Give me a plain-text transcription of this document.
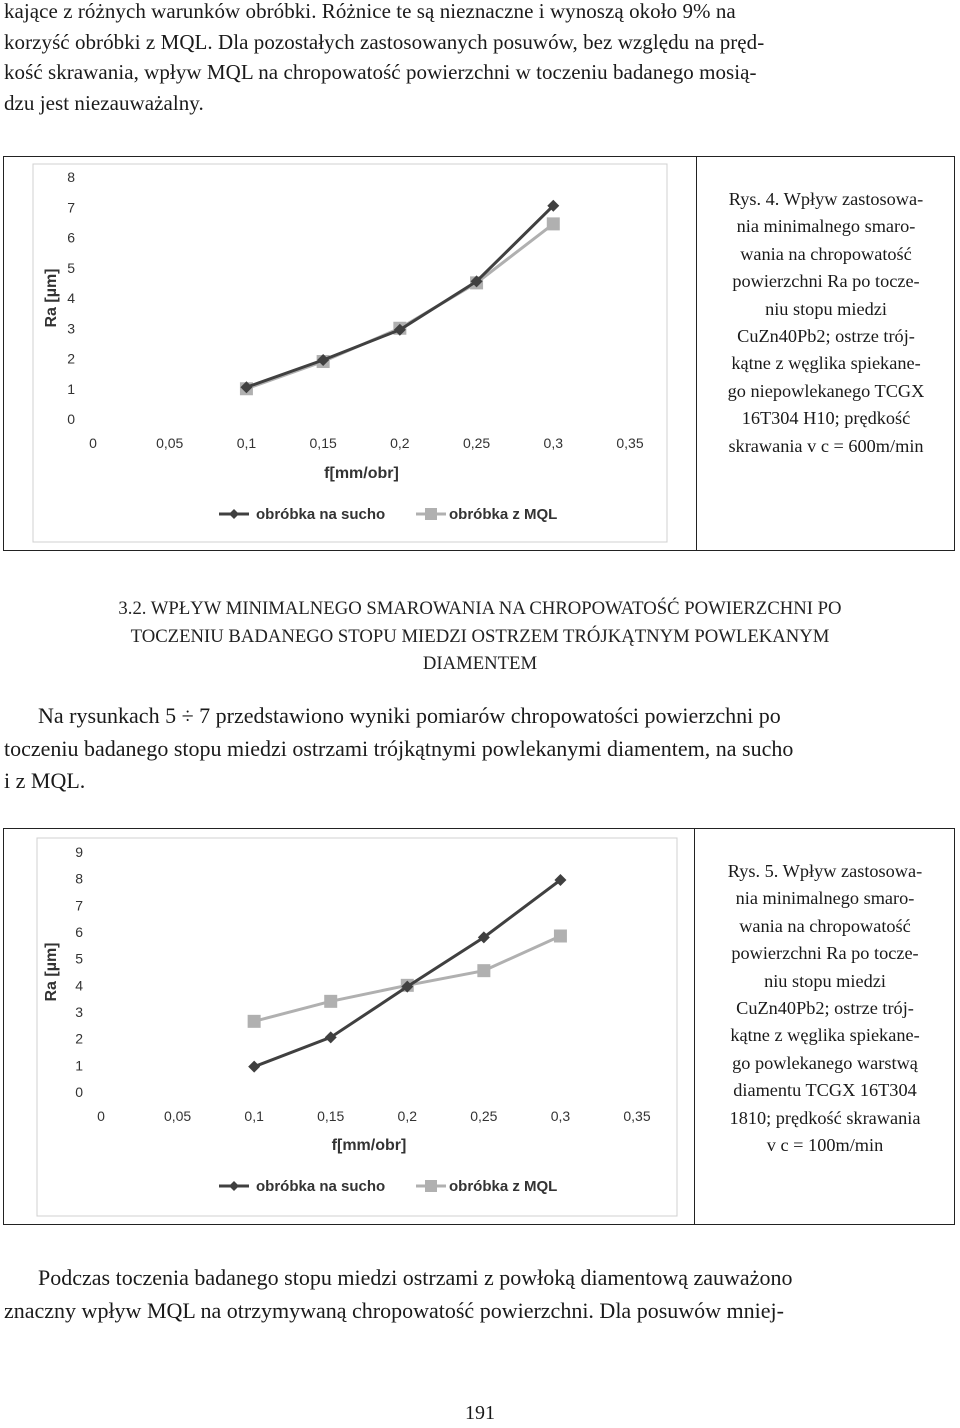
kające z różnych warunków obróbki. Różnice te są nieznaczne i wynoszą około 9% na
korzyść obróbki z MQL. Dla pozostałych zastosowanych posuwów, bez względu na pręd-
kość skrawania, wpływ MQL na chropowatość powierzchni w toczeniu badanego mosią-
dzu jest niezauważalny.
0
1
2
3
4
5
6
7
8
0	0,05	0,1	0,15	0,2	0,25	0,3	0,35
f[mm/obr]
Ra [µm]
obróbka na sucho	obróbka z MQL
Rys. 4. Wpływ zastosowa-
nia minimalnego smaro-
wania na chropowatość
powierzchni Ra po tocze-
niu stopu miedzi
CuZn40Pb2; ostrze trój-
kątne z węglika spiekane-
go niepowlekanego TCGX
16T304 H10; prędkość
skrawania v c = 600m/min
3.2. WPŁYW MINIMALNEGO SMAROWANIA NA CHROPOWATOŚĆ POWIERZCHNI PO
TOCZENIU BADANEGO STOPU MIEDZI OSTRZEM TRÓJKĄTNYM POWLEKANYM
DIAMENTEM
Na rysunkach 5 ÷ 7 przedstawiono wyniki pomiarów chropowatości powierzchni po
toczeniu badanego stopu miedzi ostrzami trójkątnymi powlekanymi diamentem, na sucho
i z MQL.
0
1
2
3
4
5
6
7
8
9
0	0,05	0,1	0,15	0,2	0,25	0,3	0,35
f[mm/obr]
Ra [µm]
obróbka na sucho	obróbka z MQL
Rys. 5. Wpływ zastosowa-
nia minimalnego smaro-
wania na chropowatość
powierzchni Ra po tocze-
niu stopu miedzi
CuZn40Pb2; ostrze trój-
kątne z węglika spiekane-
go powlekanego warstwą
diamentu TCGX 16T304
1810; prędkość skrawania
v c = 100m/min
Podczas toczenia badanego stopu miedzi ostrzami z powłoką diamentową zauważono
znaczny wpływ MQL na otrzymywaną chropowatość powierzchni. Dla posuwów mniej-
191
